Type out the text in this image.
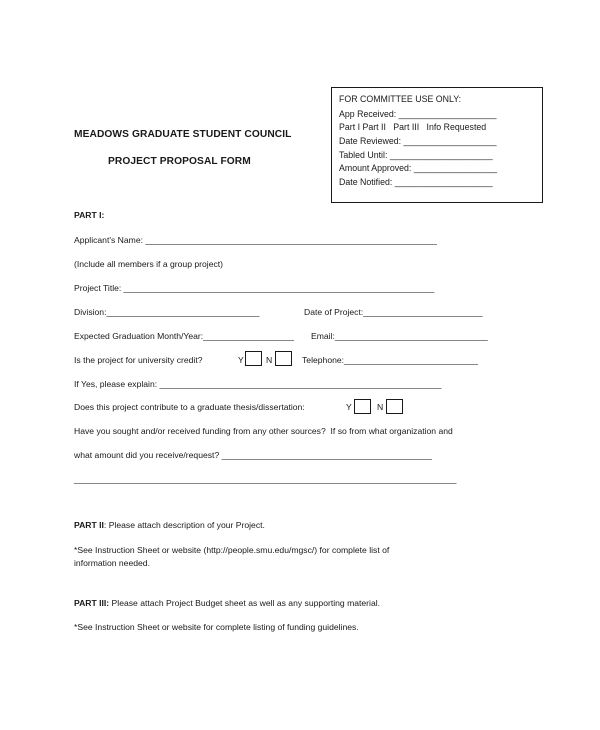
MEADOWS GRADUATE STUDENT COUNCIL
PROJECT PROPOSAL FORM
FOR COMMITTEE USE ONLY:
App Received: ____________________
Part I Part II   Part III   Info Requested
Date Reviewed: ___________________
Tabled Until: _____________________
Amount Approved: _________________
Date Notified: ____________________
PART I:
Applicant's Name: _____________________________________________________________
(Include all members if a group project)
Project Title: _________________________________________________________________
Division:________________________________	Date of Project:_________________________
Expected Graduation Month/Year:___________________ Email:________________________________
Is the project for university credit?	Y	N	Telephone:____________________________
If Yes, please explain: ___________________________________________________________
Does this project contribute to a graduate thesis/dissertation:	Y	N
Have you sought and/or received funding from any other sources?  If so from what organization and
what amount did you receive/request? ____________________________________________
________________________________________________________________________________
PART II: Please attach description of your Project.
*See Instruction Sheet or website (http://people.smu.edu/mgsc/) for complete list of
information needed.
PART III: Please attach Project Budget sheet as well as any supporting material.
*See Instruction Sheet or website for complete listing of funding guidelines.
